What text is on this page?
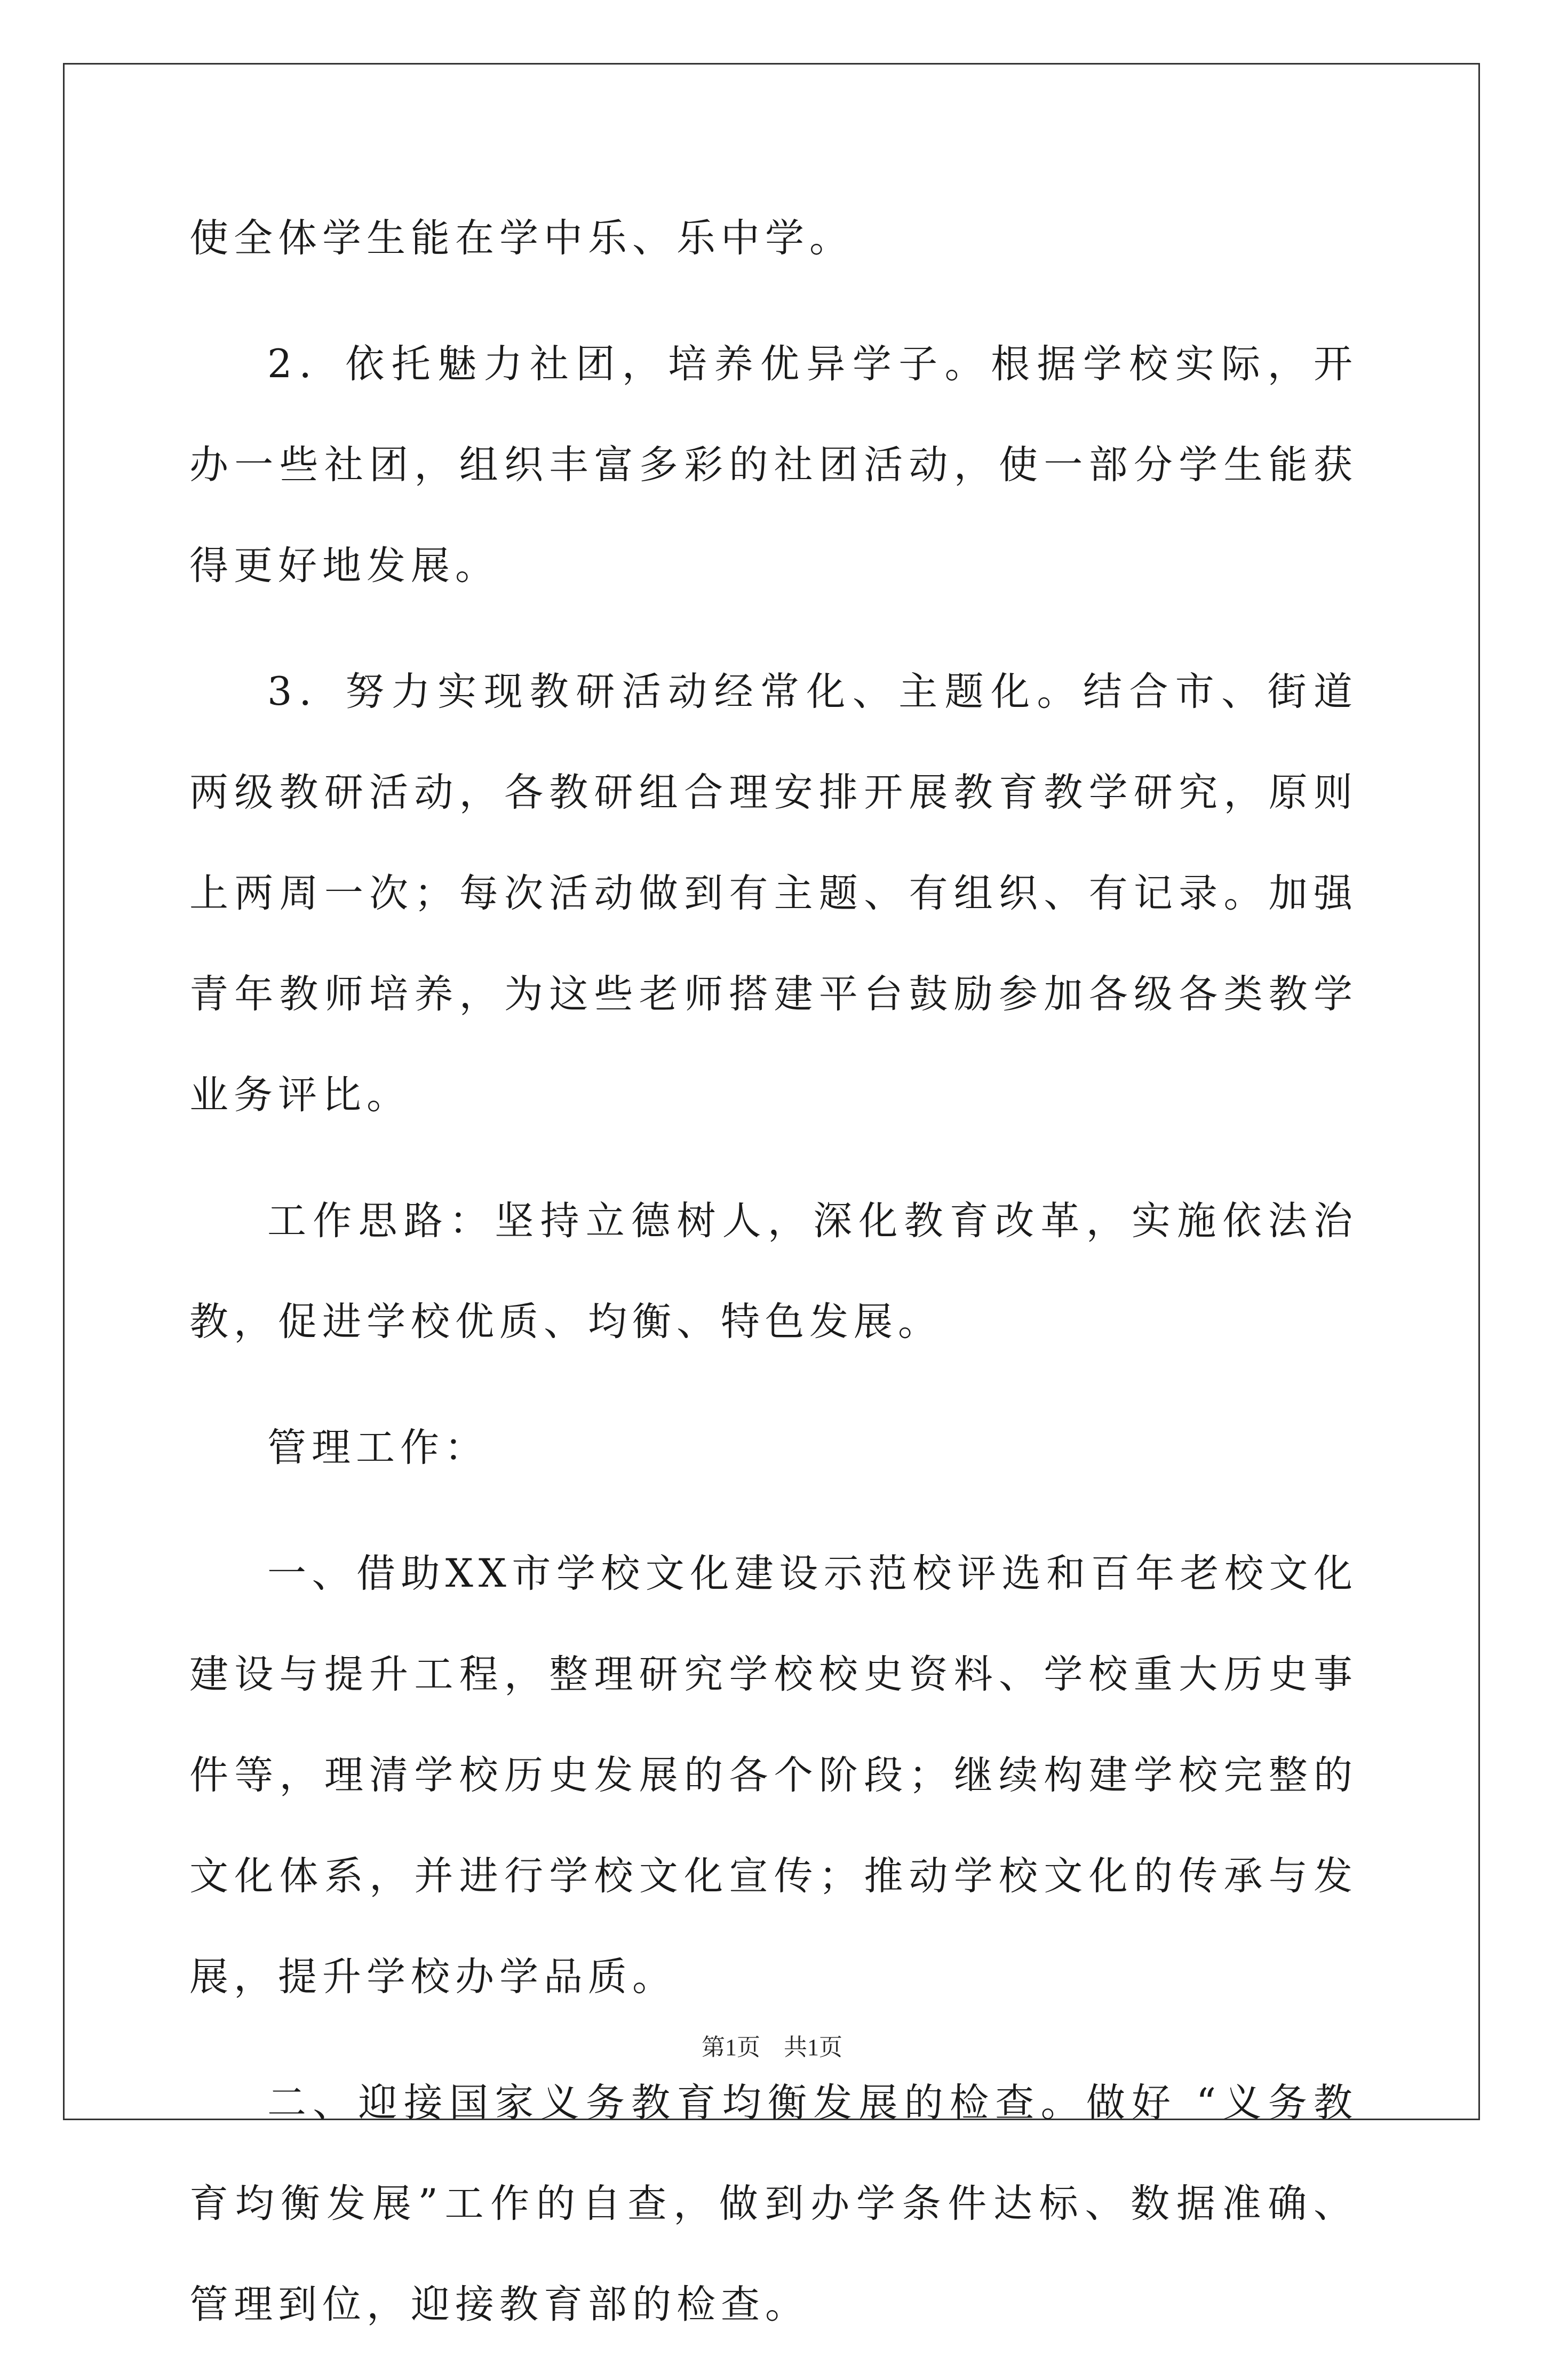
使全体学生能在学中乐、乐中学。

2．依托魅力社团，培养优异学子。根据学校实际，开办一些社团，组织丰富多彩的社团活动，使一部分学生能获得更好地发展。

3．努力实现教研活动经常化、主题化。结合市、街道两级教研活动，各教研组合理安排开展教育教学研究，原则上两周一次；每次活动做到有主题、有组织、有记录。加强青年教师培养，为这些老师搭建平台鼓励参加各级各类教学业务评比。

工作思路：坚持立德树人，深化教育改革，实施依法治教，促进学校优质、均衡、特色发展。

管理工作：

一、借助XX市学校文化建设示范校评选和百年老校文化建设与提升工程，整理研究学校校史资料、学校重大历史事件等，理清学校历史发展的各个阶段；继续构建学校完整的文化体系，并进行学校文化宣传；推动学校文化的传承与发展，提升学校办学品质。

二、迎接国家义务教育均衡发展的检查。做好 “义务教育均衡发展”工作的自查，做到办学条件达标、数据准确、管理到位，迎接教育部的检查。

第1页　共1页
